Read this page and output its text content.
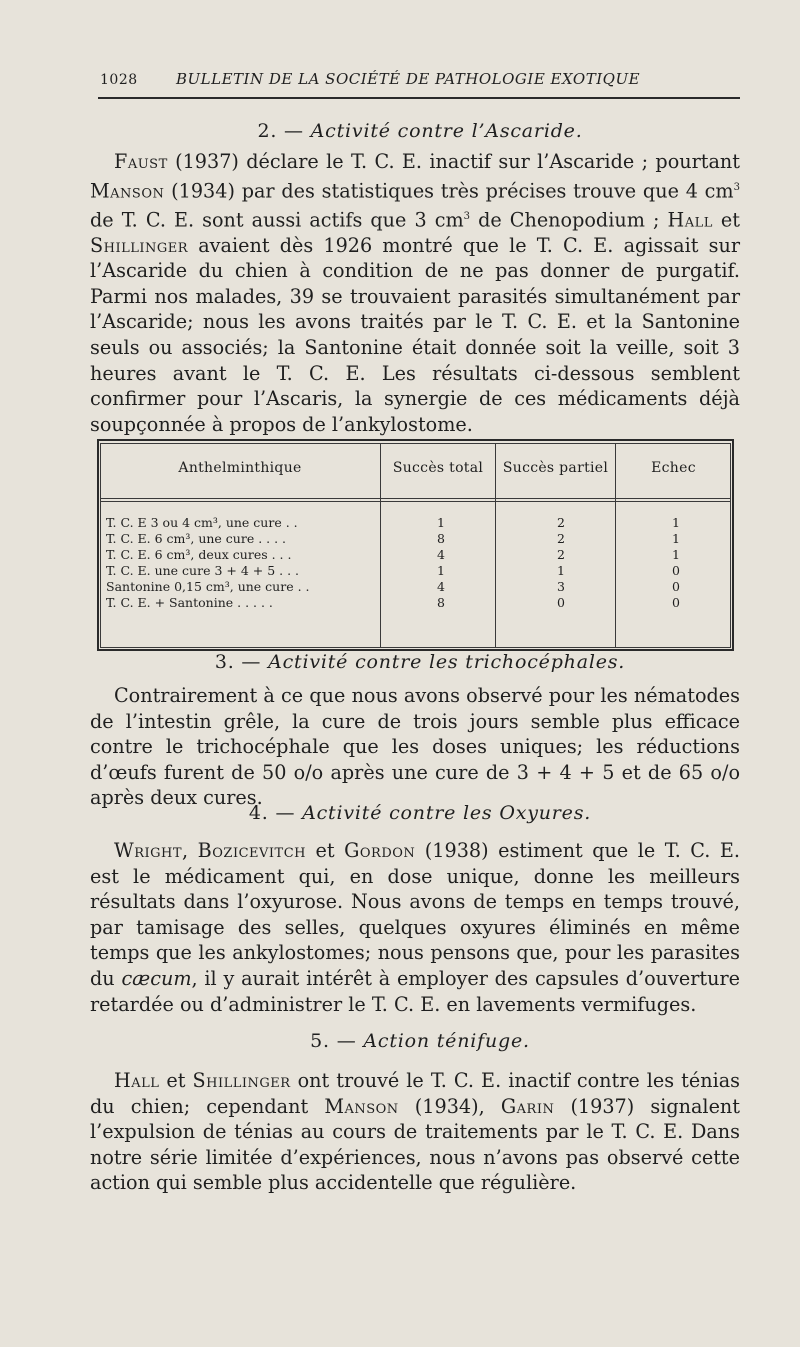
1028	BULLETIN DE LA SOCIÉTÉ DE PATHOLOGIE EXOTIQUE
2. — Activité contre l’Ascaride.
Faust (1937) déclare le T. C. E. inactif sur l’Ascaride ; pourtant Manson (1934) par des statistiques très précises trouve que 4 $cm^3$ de T. C. E. sont aussi actifs que 3 $cm^3$ de Chenopodium ; Hall et Shillinger avaient dès 1926 montré que le T. C. E. agissait sur l’Ascaride du chien à condition de ne pas donner de purgatif. Parmi nos malades, 39 se trouvaient parasités simultanément par l’Ascaride; nous les avons traités par le T. C. E. et la Santonine seuls ou associés; la Santonine était donnée soit la veille, soit 3 heures avant le T. C. E. Les résultats ci-dessous semblent confirmer pour l’Ascaris, la synergie de ces médicaments déjà soupçonnée à propos de l’ankylostome.
Anthelminthique	Succès total	Succès partiel	Echec
T. C. E 3 ou 4 cm³, une cure . .	1	2	1
T. C. E. 6 cm³, une cure . . . .	8	2	1
T. C. E. 6 cm³, deux cures . . .	4	2	1
T. C. E. une cure 3 + 4 + 5 . . .	1	1	0
Santonine 0,15 cm³, une cure . .	4	3	0
T. C. E. + Santonine . . . . .	8	0	0
3. — Activité contre les trichocéphales.
Contrairement à ce que nous avons observé pour les nématodes de l’intestin grêle, la cure de trois jours semble plus efficace contre le trichocéphale que les doses uniques; les réductions d’œufs furent de 50 o/o après une cure de 3 + 4 + 5 et de 65 o/o après deux cures.
4. — Activité contre les Oxyures.
Wright, Bozicevitch et Gordon (1938) estiment que le T. C. E. est le médicament qui, en dose unique, donne les meilleurs résultats dans l’oxyurose. Nous avons de temps en temps trouvé, par tamisage des selles, quelques oxyures éliminés en même temps que les ankylostomes; nous pensons que, pour les parasites du cæcum, il y aurait intérêt à employer des capsules d’ouverture retardée ou d’administrer le T. C. E. en lavements vermifuges.
5. — Action ténifuge.
Hall et Shillinger ont trouvé le T. C. E. inactif contre les ténias du chien; cependant Manson (1934), Garin (1937) signalent l’expulsion de ténias au cours de traitements par le T. C. E. Dans notre série limitée d’expériences, nous n’avons pas observé cette action qui semble plus accidentelle que régulière.
